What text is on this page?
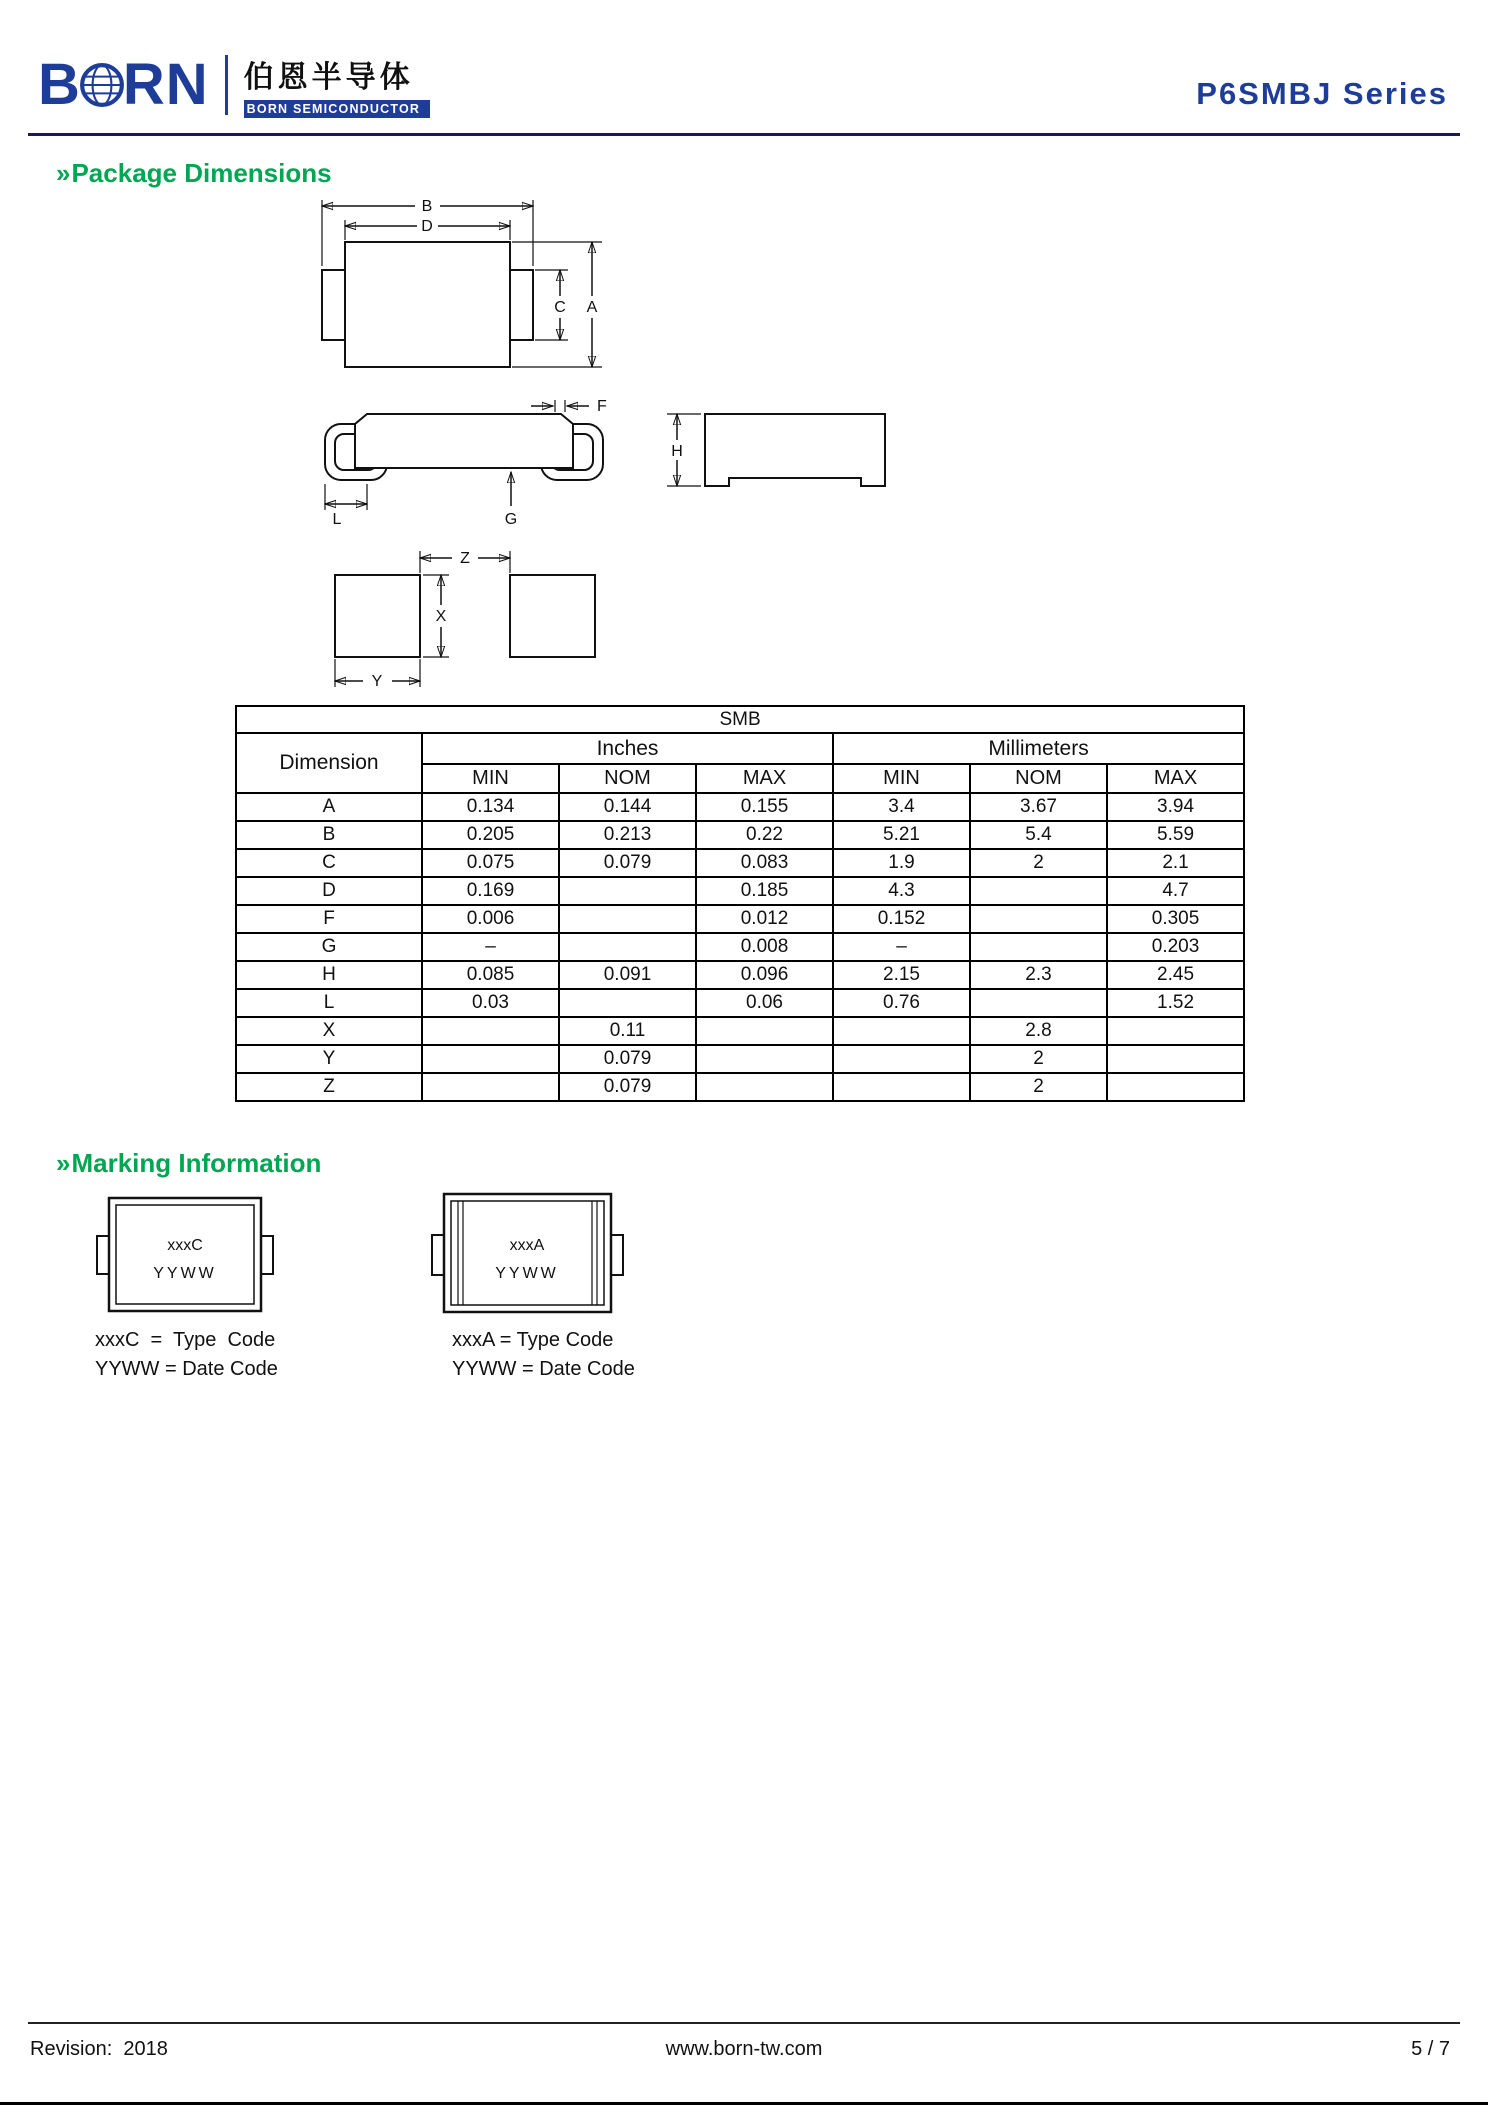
B RN 伯恩半导体
BORN SEMICONDUCTOR	P6SMBJ Series
» Package Dimensions
B
D
C A
F
G
L
H
Z
X
Y
SMB						
Dimension	Inches			Millimeters		
	MIN	NOM	MAX	MIN	NOM	MAX
A	0.134	0.144	0.155	3.4	3.67	3.94
B	0.205	0.213	0.22	5.21	5.4	5.59
C	0.075	0.079	0.083	1.9	2	2.1
D	0.169		0.185	4.3		4.7
F	0.006		0.012	0.152		0.305
G	–		0.008	–		0.203
H	0.085	0.091	0.096	2.15	2.3	2.45
L	0.03		0.06	0.76		1.52
X		0.11			2.8	
Y		0.079			2	
Z		0.079			2	
» Marking Information
xxxC
YYWW
xxxA
YYWW
xxxC  =  Type  Code
YYWW = Date Code
xxxA = Type Code
YYWW = Date Code
Revision:  2018	www.born-tw.com	5 / 7
